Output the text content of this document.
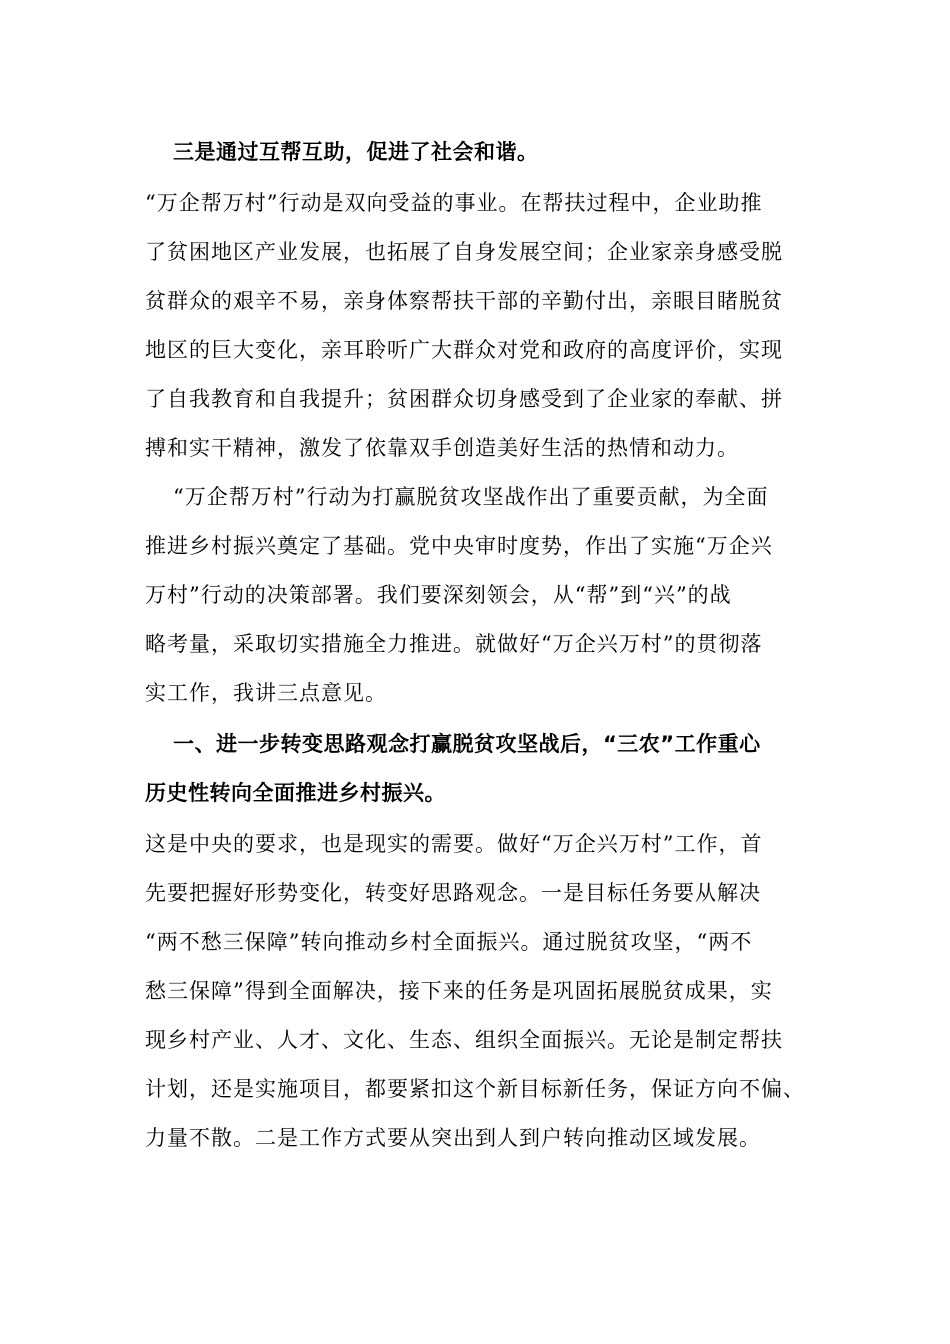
三是通过互帮互助，促进了社会和谐。
“万企帮万村”行动是双向受益的事业。在帮扶过程中，企业助推
了贫困地区产业发展，也拓展了自身发展空间；企业家亲身感受脱
贫群众的艰辛不易，亲身体察帮扶干部的辛勤付出，亲眼目睹脱贫
地区的巨大变化，亲耳聆听广大群众对党和政府的高度评价，实现
了自我教育和自我提升；贫困群众切身感受到了企业家的奉献、拼
搏和实干精神，激发了依靠双手创造美好生活的热情和动力。
“万企帮万村”行动为打赢脱贫攻坚战作出了重要贡献，为全面
推进乡村振兴奠定了基础。党中央审时度势，作出了实施“万企兴
万村”行动的决策部署。我们要深刻领会，从“帮”到“兴”的战
略考量，采取切实措施全力推进。就做好“万企兴万村”的贯彻落
实工作，我讲三点意见。
一、进一步转变思路观念打赢脱贫攻坚战后，“三农”工作重心
历史性转向全面推进乡村振兴。
这是中央的要求，也是现实的需要。做好“万企兴万村”工作，首
先要把握好形势变化，转变好思路观念。一是目标任务要从解决
“两不愁三保障”转向推动乡村全面振兴。通过脱贫攻坚，“两不
愁三保障”得到全面解决，接下来的任务是巩固拓展脱贫成果，实
现乡村产业、人才、文化、生态、组织全面振兴。无论是制定帮扶
计划，还是实施项目，都要紧扣这个新目标新任务，保证方向不偏、
力量不散。二是工作方式要从突出到人到户转向推动区域发展。
